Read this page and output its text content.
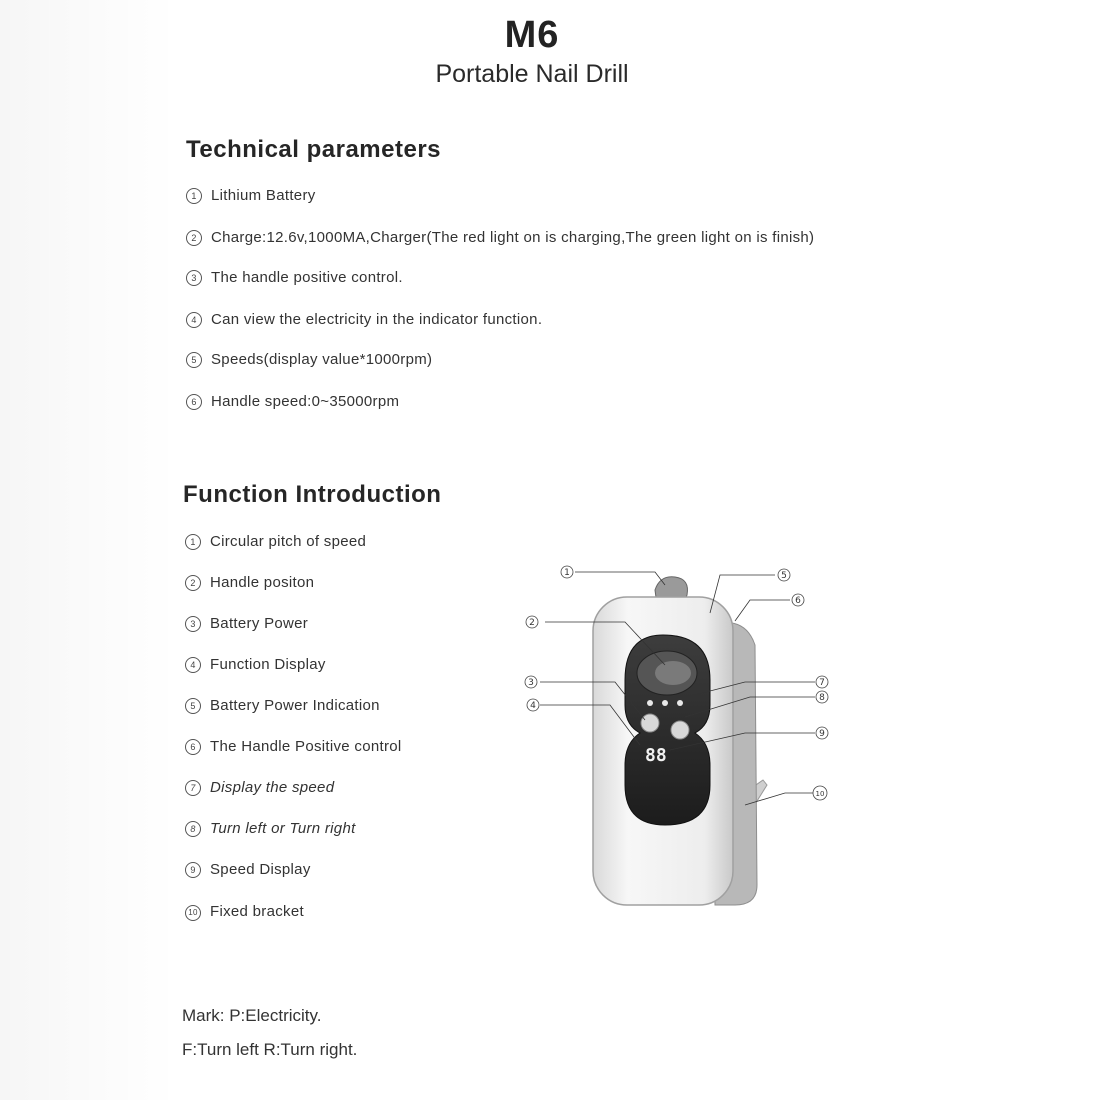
M6
Portable Nail Drill
Technical parameters
1 Lithium Battery
2 Charge:12.6v,1000MA,Charger(The red light on is charging,The green light on is finish)
3 The handle positive control.
4 Can view the electricity in the indicator function.
5 Speeds(display value*1000rpm)
6 Handle speed:0~35000rpm
Function Introduction
1 Circular pitch of speed
2 Handle positon
3 Battery Power
4 Function Display
5 Battery Power Indication
6 The Handle Positive control
7 Display the speed
8 Turn left or Turn right
9 Speed Display
10 Fixed bracket
88
1
2
3
4
5
6
7
8
9
10
Mark: P:Electricity.
F:Turn left R:Turn right.
